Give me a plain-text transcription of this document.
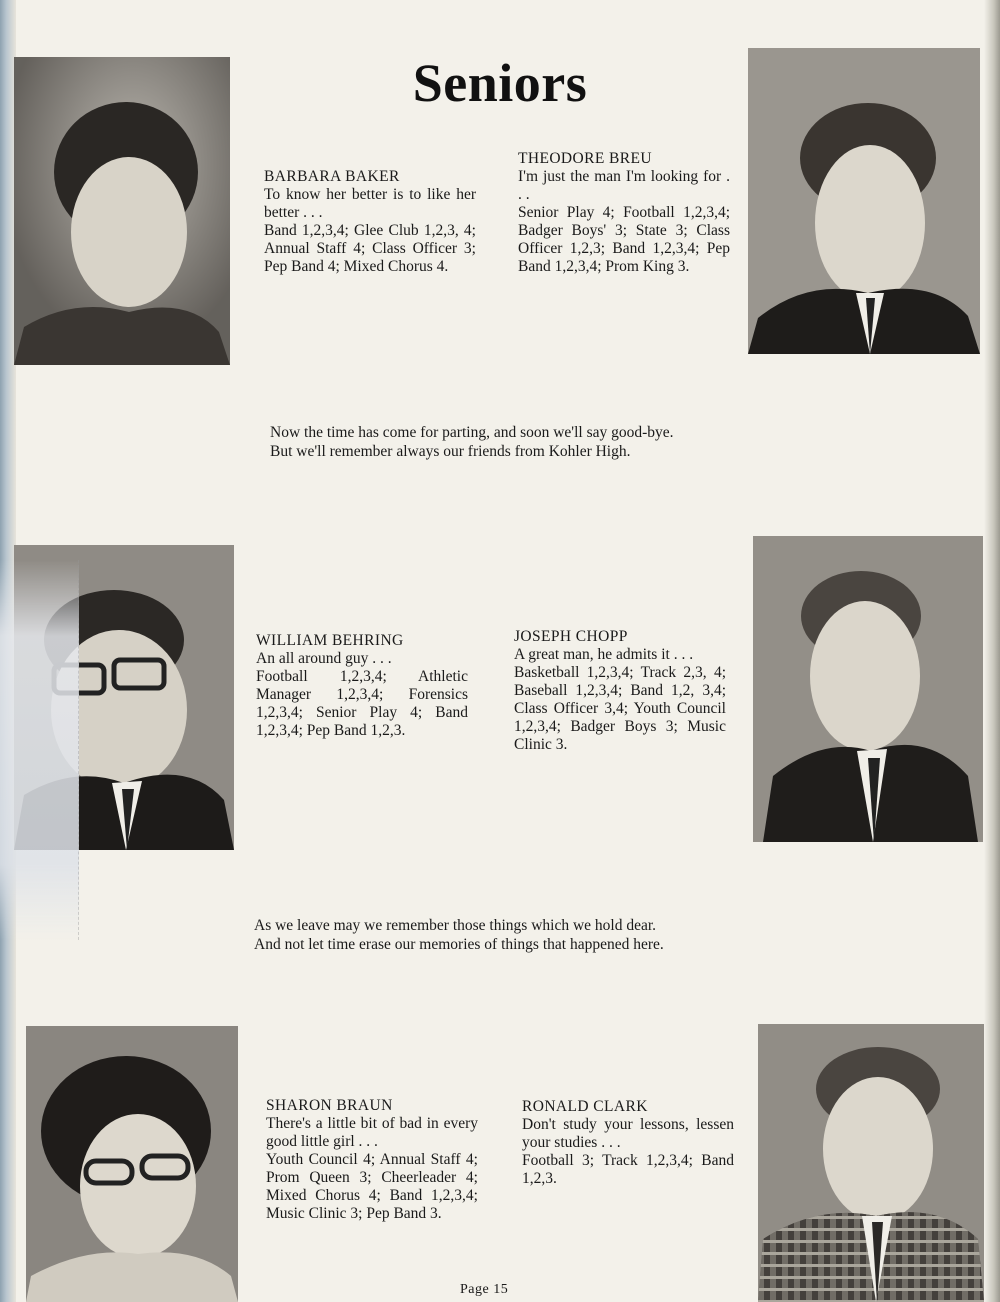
Seniors
BARBARA BAKER
To know her better is to like her better . . .
Band 1,2,3,4; Glee Club 1,2,3, 4; Annual Staff 4; Class Officer 3; Pep Band 4; Mixed Chorus 4.
THEODORE BREU
I'm just the man I'm looking for . . .
Senior Play 4; Football 1,2,3,4; Badger Boys' 3; State 3; Class Officer 1,2,3; Band 1,2,3,4; Pep Band 1,2,3,4; Prom King 3.
Now the time has come for parting, and soon we'll say good-bye.
But we'll remember always our friends from Kohler High.
WILLIAM BEHRING
An all around guy . . .
Football 1,2,3,4; Athletic Manager 1,2,3,4; Forensics 1,2,3,4; Senior Play 4; Band 1,2,3,4; Pep Band 1,2,3.
JOSEPH CHOPP
A great man, he admits it . . .
Basketball 1,2,3,4; Track 2,3, 4; Baseball 1,2,3,4; Band 1,2, 3,4; Class Officer 3,4; Youth Council 1,2,3,4; Badger Boys 3; Music Clinic 3.
As we leave may we remember those things which we hold dear.
And not let time erase our memories of things that happened here.
SHARON BRAUN
There's a little bit of bad in every good little girl . . .
Youth Council 4; Annual Staff 4; Prom Queen 3; Cheerleader 4; Mixed Chorus 4; Band 1,2,3,4; Music Clinic 3; Pep Band 3.
RONALD CLARK
Don't study your lessons, lessen your studies . . .
Football 3; Track 1,2,3,4; Band 1,2,3.
Page 15
